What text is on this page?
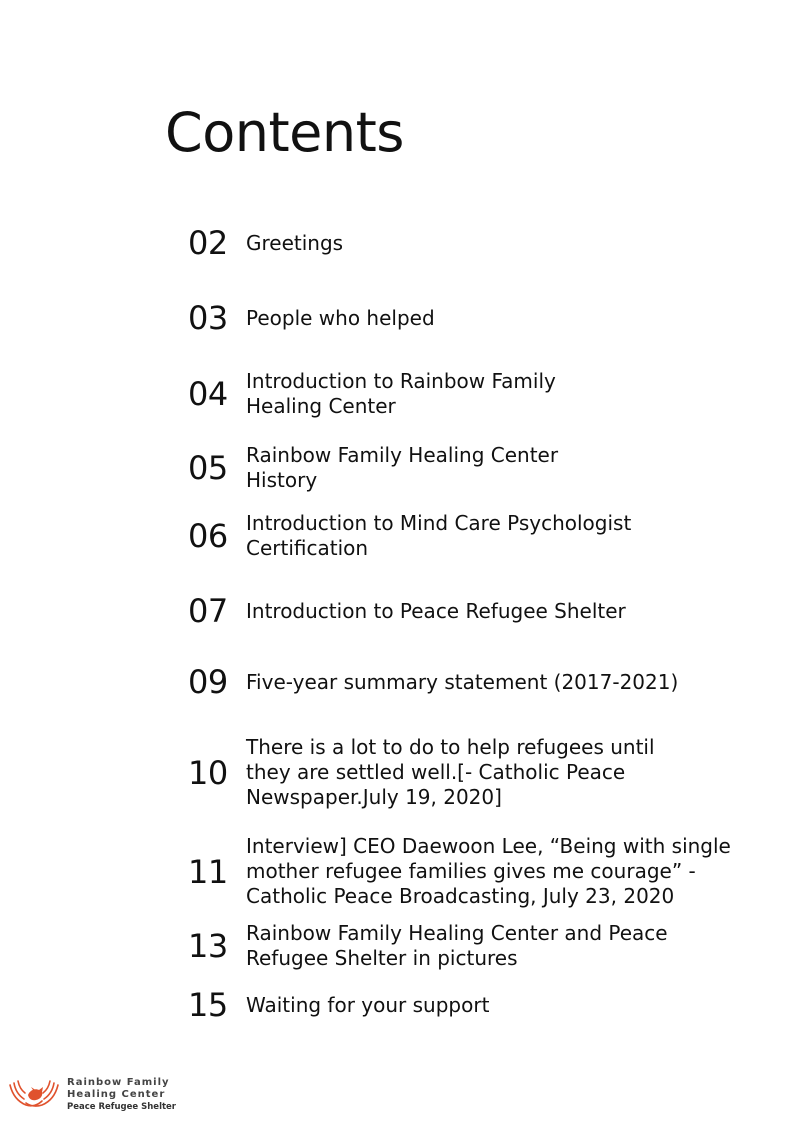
Contents
02 Greetings
03 People who helped
04 Introduction to Rainbow Family
Healing Center
05 Rainbow Family Healing Center
History
06 Introduction to Mind Care Psychologist
Certification
07 Introduction to Peace Refugee Shelter
09 Five-year summary statement (2017-2021)
10
There is a lot to do to help refugees until
they are settled well.[- Catholic Peace
Newspaper.July 19, 2020]
11
Interview] CEO Daewoon Lee, “Being with single
mother refugee families gives me courage” -
Catholic Peace Broadcasting, July 23, 2020
13 Rainbow Family Healing Center and Peace
Refugee Shelter in pictures
15 Waiting for your support
Rainbow Family
Healing Center
Peace Refugee Shelter
